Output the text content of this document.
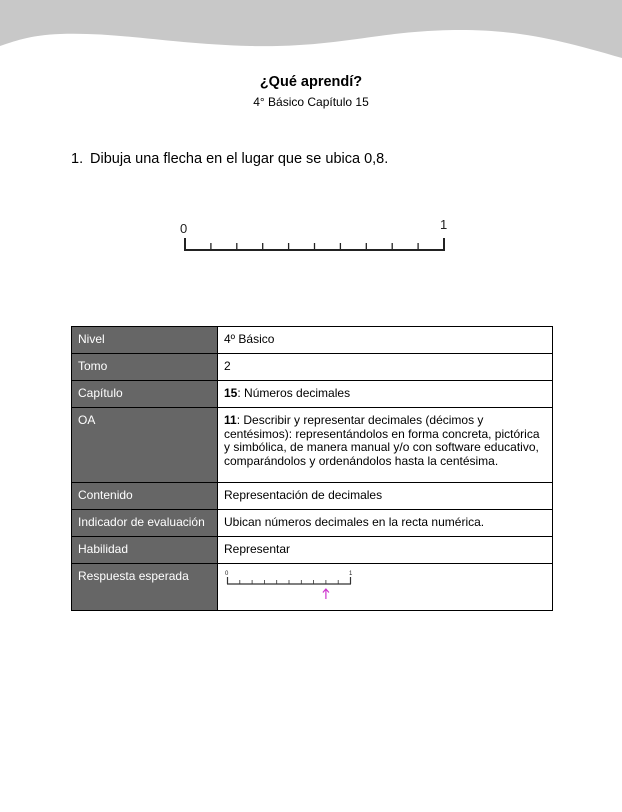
¿Qué aprendí?
4° Básico Capítulo 15
1. Dibuja una flecha en el lugar que se ubica 0,8.
0	1
Nivel	4º Básico
Tomo	2
Capítulo	15: Números decimales
OA	11: Describir y representar decimales (décimos y centésimos): representándolos en forma concreta, pictórica y simbólica, de manera manual y/o con software educativo, comparándolos y ordenándolos hasta la centésima.
Contenido	Representación de decimales
Indicador de evaluación	Ubican números decimales en la recta numérica.
Habilidad	Representar
Respuesta esperada	0 1
